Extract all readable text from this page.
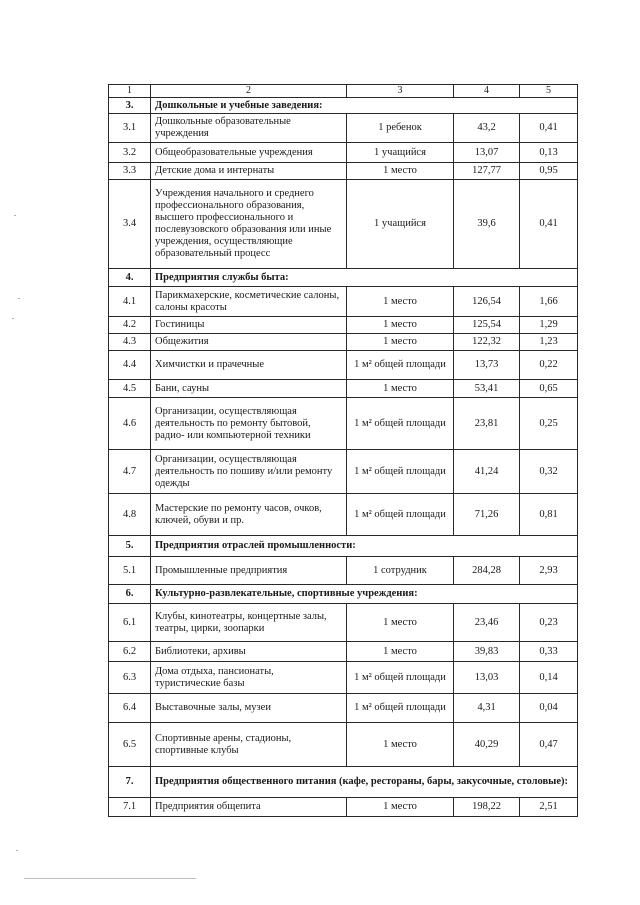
1	2	3	4	5
3.	Дошкольные и учебные заведения:			
3.1	Дошкольные образовательные учреждения	1 ребенок	43,2	0,41
3.2	Общеобразовательные учреждения	1 учащийся	13,07	0,13
3.3	Детские дома и интернаты	1 место	127,77	0,95
3.4	Учреждения начального и среднего профессионального образования, высшего профессионального и послевузовского образования или иные учреждения, осуществляющие образовательный процесс	1 учащийся	39,6	0,41
4.	Предприятия службы быта:			
4.1	Парикмахерские, косметические салоны, салоны красоты	1 место	126,54	1,66
4.2	Гостиницы	1 место	125,54	1,29
4.3	Общежития	1 место	122,32	1,23
4.4	Химчистки и прачечные	1 м² общей площади	13,73	0,22
4.5	Бани, сауны	1 место	53,41	0,65
4.6	Организации, осуществляющая деятельность по ремонту бытовой, радио- или компьютерной техники	1 м² общей площади	23,81	0,25
4.7	Организации, осуществляющая деятельность по пошиву и/или ремонту одежды	1 м² общей площади	41,24	0,32
4.8	Мастерские по ремонту часов, очков, ключей, обуви и пр.	1 м² общей площади	71,26	0,81
5.	Предприятия отраслей промышленности:			
5.1	Промышленные предприятия	1 сотрудник	284,28	2,93
6.	Культурно-развлекательные, спортивные учреждения:			
6.1	Клубы, кинотеатры, концертные залы, театры, цирки, зоопарки	1 место	23,46	0,23
6.2	Библиотеки, архивы	1 место	39,83	0,33
6.3	Дома отдыха, пансионаты, туристические базы	1 м² общей площади	13,03	0,14
6.4	Выставочные залы, музеи	1 м² общей площади	4,31	0,04
6.5	Спортивные арены, стадионы, спортивные клубы	1 место	40,29	0,47
7.	Предприятия общественного питания (кафе, рестораны, бары, закусочные, столовые):			
7.1	Предприятия общепита	1 место	198,22	2,51
